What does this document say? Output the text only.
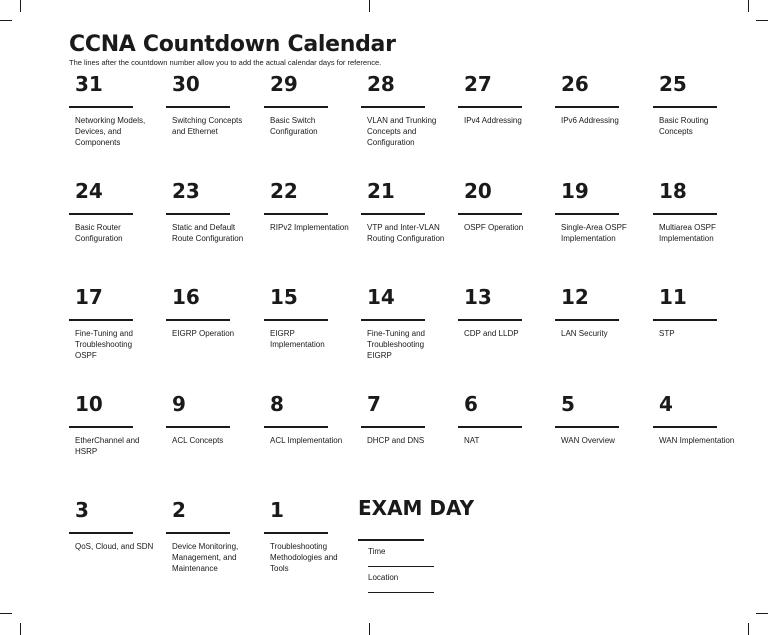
CCNA Countdown Calendar

The lines after the countdown number allow you to add the actual calendar days for reference.

31
Networking Models, Devices, and Components
30
Switching Concepts and Ethernet
29
Basic Switch Configuration
28
VLAN and Trunking Concepts and Configuration
27
IPv4 Addressing
26
IPv6 Addressing
25
Basic Routing Concepts
24
Basic Router Configuration
23
Static and Default Route Configuration
22
RIPv2 Implementation
21
VTP and Inter-VLAN Routing Configuration
20
OSPF Operation
19
Single-Area OSPF Implementation
18
Multiarea OSPF Implementation
17
Fine-Tuning and Troubleshooting OSPF
16
EIGRP Operation
15
EIGRP Implementation
14
Fine-Tuning and Troubleshooting EIGRP
13
CDP and LLDP
12
LAN Security
11
STP
10
EtherChannel and HSRP
9
ACL Concepts
8
ACL Implementation
7
DHCP and DNS
6
NAT
5
WAN Overview
4
WAN Implementation
3
QoS, Cloud, and SDN
2
Device Monitoring, Management, and Maintenance
1
Troubleshooting Methodologies and Tools
EXAM DAY
Time
Location
